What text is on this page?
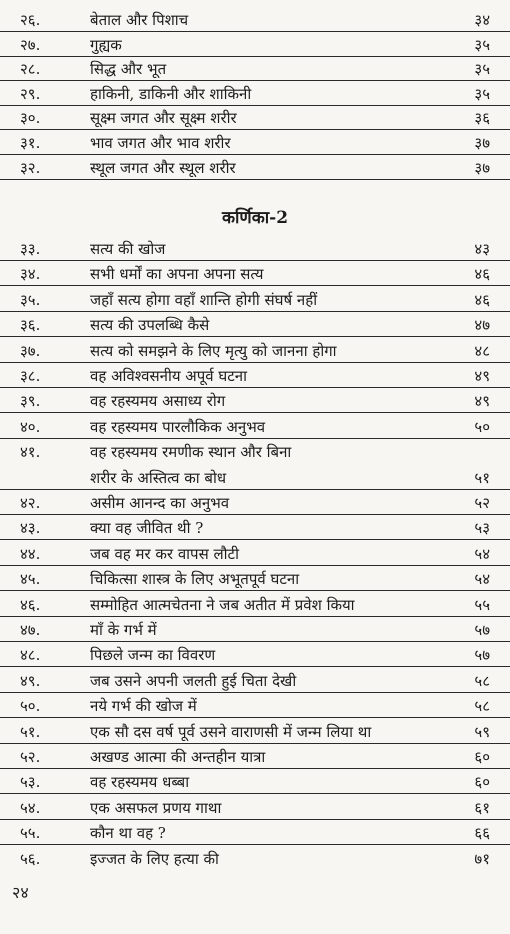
२६.	बेताल और पिशाच	३४
२७.	गुह्यक	३५
२८.	सिद्ध और भूत	३५
२९.	हाकिनी, डाकिनी और शाकिनी	३५
३०.	सूक्ष्म जगत और सूक्ष्म शरीर	३६
३१.	भाव जगत और भाव शरीर	३७
३२.	स्थूल जगत और स्थूल शरीर	३७
कर्णिका-2
३३.	सत्य की खोज	४३
३४.	सभी धर्मों का अपना अपना सत्य	४६
३५.	जहाँ सत्य होगा वहाँ शान्ति होगी संघर्ष नहीं	४६
३६.	सत्य की उपलब्धि कैसे	४७
३७.	सत्य को समझने के लिए मृत्यु को जानना होगा	४८
३८.	वह अविश्वसनीय अपूर्व घटना	४९
३९.	वह रहस्यमय असाध्य रोग	४९
४०.	वह रहस्यमय पारलौकिक अनुभव	५०
४१.	वह रहस्यमय रमणीक स्थान और बिना
शरीर के अस्तित्व का बोध	५१
४२.	असीम आनन्द का अनुभव	५२
४३.	क्या वह जीवित थी ?	५३
४४.	जब वह मर कर वापस लौटी	५४
४५.	चिकित्सा शास्त्र के लिए अभूतपूर्व घटना	५४
४६.	सम्मोहित आत्मचेतना ने जब अतीत में प्रवेश किया	५५
४७.	माँ के गर्भ में	५७
४८.	पिछले जन्म का विवरण	५७
४९.	जब उसने अपनी जलती हुई चिता देखी	५८
५०.	नये गर्भ की खोज में	५८
५१.	एक सौ दस वर्ष पूर्व उसने वाराणसी में जन्म लिया था	५९
५२.	अखण्ड आत्मा की अन्तहीन यात्रा	६०
५३.	वह रहस्यमय धब्बा	६०
५४.	एक असफल प्रणय गाथा	६१
५५.	कौन था वह ?	६६
५६.	इज्जत के लिए हत्या की	७१
२४
